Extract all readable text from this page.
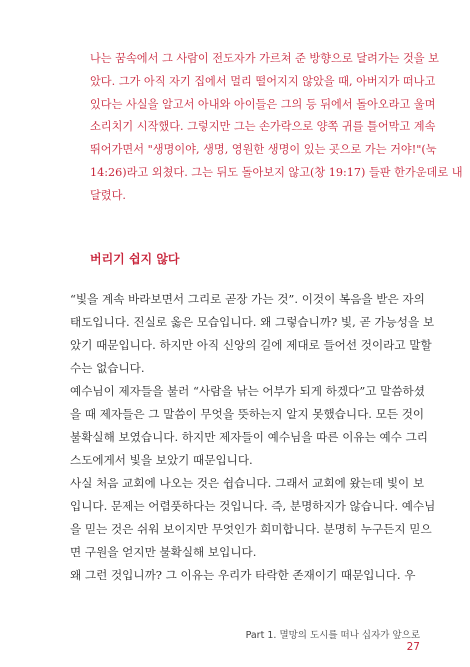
나는 꿈속에서 그 사람이 전도자가 가르쳐 준 방향으로 달려가는 것을 보
았다. 그가 아직 자기 집에서 멀리 떨어지지 않았을 때, 아버지가 떠나고
있다는 사실을 알고서 아내와 아이들은 그의 등 뒤에서 돌아오라고 울며
소리치기 시작했다. 그렇지만 그는 손가락으로 양쪽 귀를 틀어막고 계속
뛰어가면서 "생명이야, 생명, 영원한 생명이 있는 곳으로 가는 거야!"(눅
14:26)라고 외쳤다. 그는 뒤도 돌아보지 않고(창 19:17) 들판 한가운데로 내
달렸다.
버리기 쉽지 않다
“빛을 계속 바라보면서 그리로 곧장 가는 것”. 이것이 복음을 받은 자의
태도입니다. 진실로 옳은 모습입니다. 왜 그렇습니까? 빛, 곧 가능성을 보
았기 때문입니다. 하지만 아직 신앙의 길에 제대로 들어선 것이라고 말할
수는 없습니다.
예수님이 제자들을 불러 “사람을 낚는 어부가 되게 하겠다”고 말씀하셨
을 때 제자들은 그 말씀이 무엇을 뜻하는지 알지 못했습니다. 모든 것이
불확실해 보였습니다. 하지만 제자들이 예수님을 따른 이유는 예수 그리
스도에게서 빛을 보았기 때문입니다.
사실 처음 교회에 나오는 것은 쉽습니다. 그래서 교회에 왔는데 빛이 보
입니다. 문제는 어렴풋하다는 것입니다. 즉, 분명하지가 않습니다. 예수님
을 믿는 것은 쉬워 보이지만 무엇인가 희미합니다. 분명히 누구든지 믿으
면 구원을 얻지만 불확실해 보입니다.
왜 그런 것입니까? 그 이유는 우리가 타락한 존재이기 때문입니다. 우
Part 1. 멸망의 도시를 떠나 십자가 앞으로 27
